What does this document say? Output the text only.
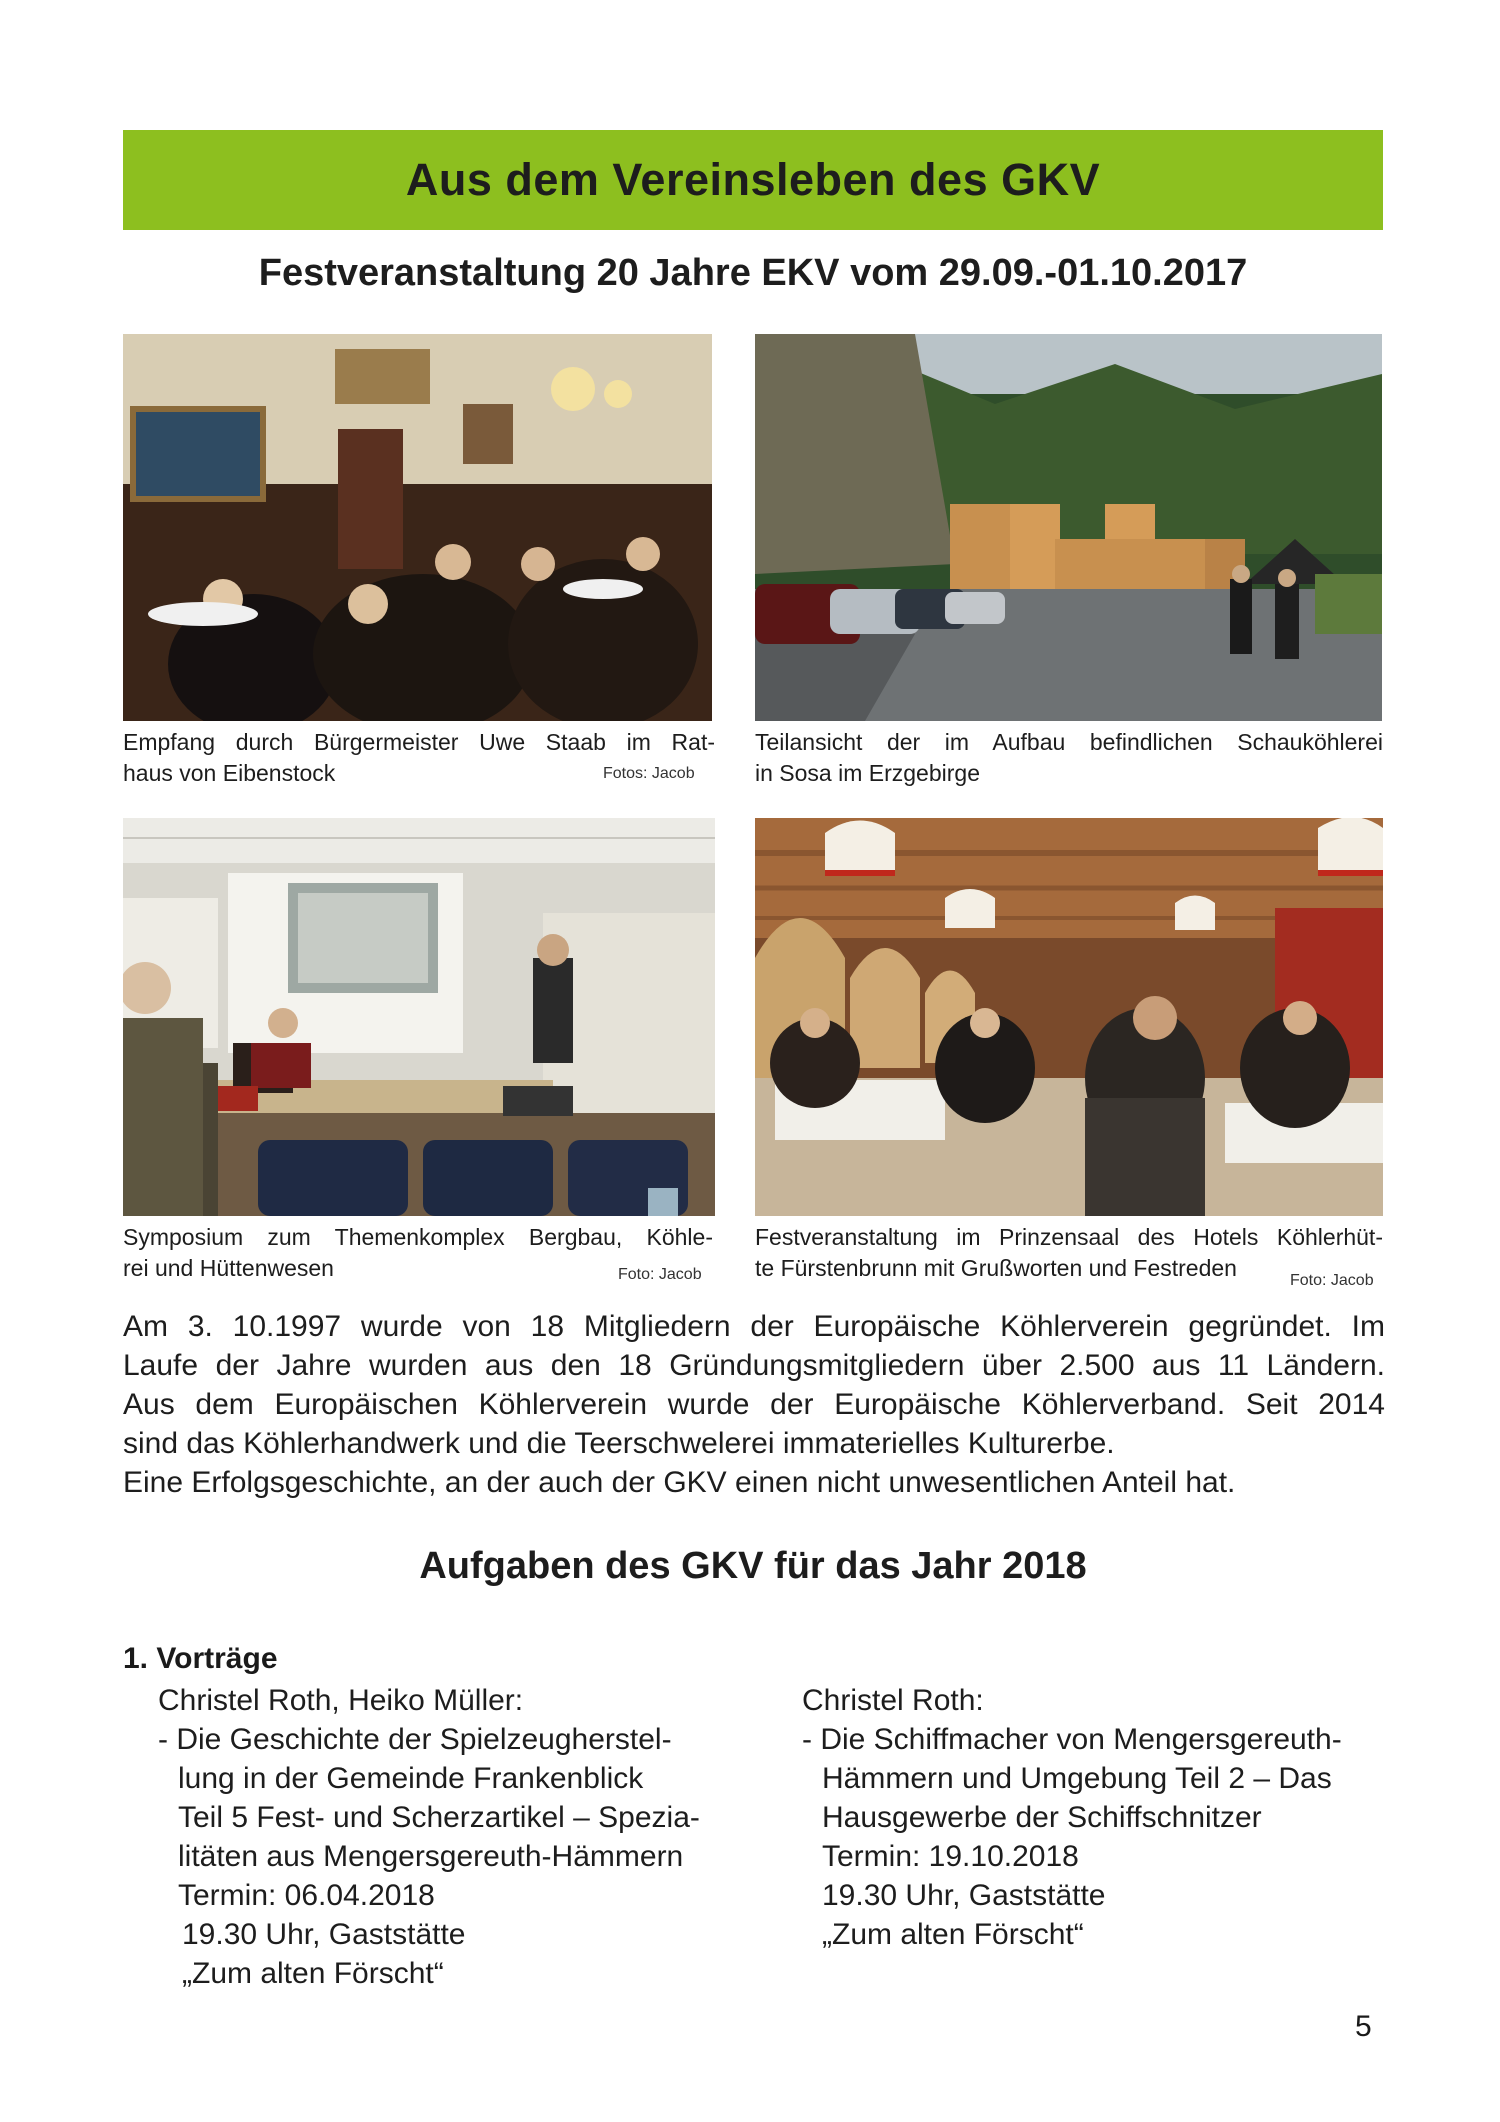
Aus dem Vereinsleben des GKV
Festveranstaltung 20 Jahre EKV vom 29.09.-01.10.2017
Empfang durch Bürgermeister Uwe Staab im Rat-
haus von Eibenstock	Fotos: Jacob
Teilansicht der im Aufbau befindlichen Schauköhlerei
in Sosa im Erzgebirge
Symposium zum Themenkomplex Bergbau, Köhle-
rei und Hüttenwesen	Foto: Jacob
Festveranstaltung im Prinzensaal des Hotels Köhlerhüt-
te Fürstenbrunn mit Grußworten und Festreden	Foto: Jacob
Am 3. 10.1997 wurde von 18 Mitgliedern der Europäische Köhlerverein gegründet. Im
Laufe der Jahre wurden aus den 18 Gründungsmitgliedern über 2.500 aus 11 Ländern.
Aus dem Europäischen Köhlerverein wurde der Europäische Köhlerverband. Seit 2014
sind das Köhlerhandwerk und die Teerschwelerei immaterielles Kulturerbe.
Eine Erfolgsgeschichte, an der auch der GKV einen nicht unwesentlichen Anteil hat.
Aufgaben des GKV für das Jahr 2018
1. Vorträge

Christel Roth, Heiko Müller:

- Die Geschichte der Spielzeugherstel-

lung in der Gemeinde Frankenblick

Teil 5 Fest- und Scherzartikel – Spezia-

litäten aus Mengersgereuth-Hämmern

Termin: 06.04.2018

19.30 Uhr, Gaststätte

„Zum alten Förscht“

Christel Roth:

- Die Schiffmacher von Mengersgereuth-

Hämmern und Umgebung Teil 2 – Das

Hausgewerbe der Schiffschnitzer

Termin: 19.10.2018

19.30 Uhr, Gaststätte

„Zum alten Förscht“

5
